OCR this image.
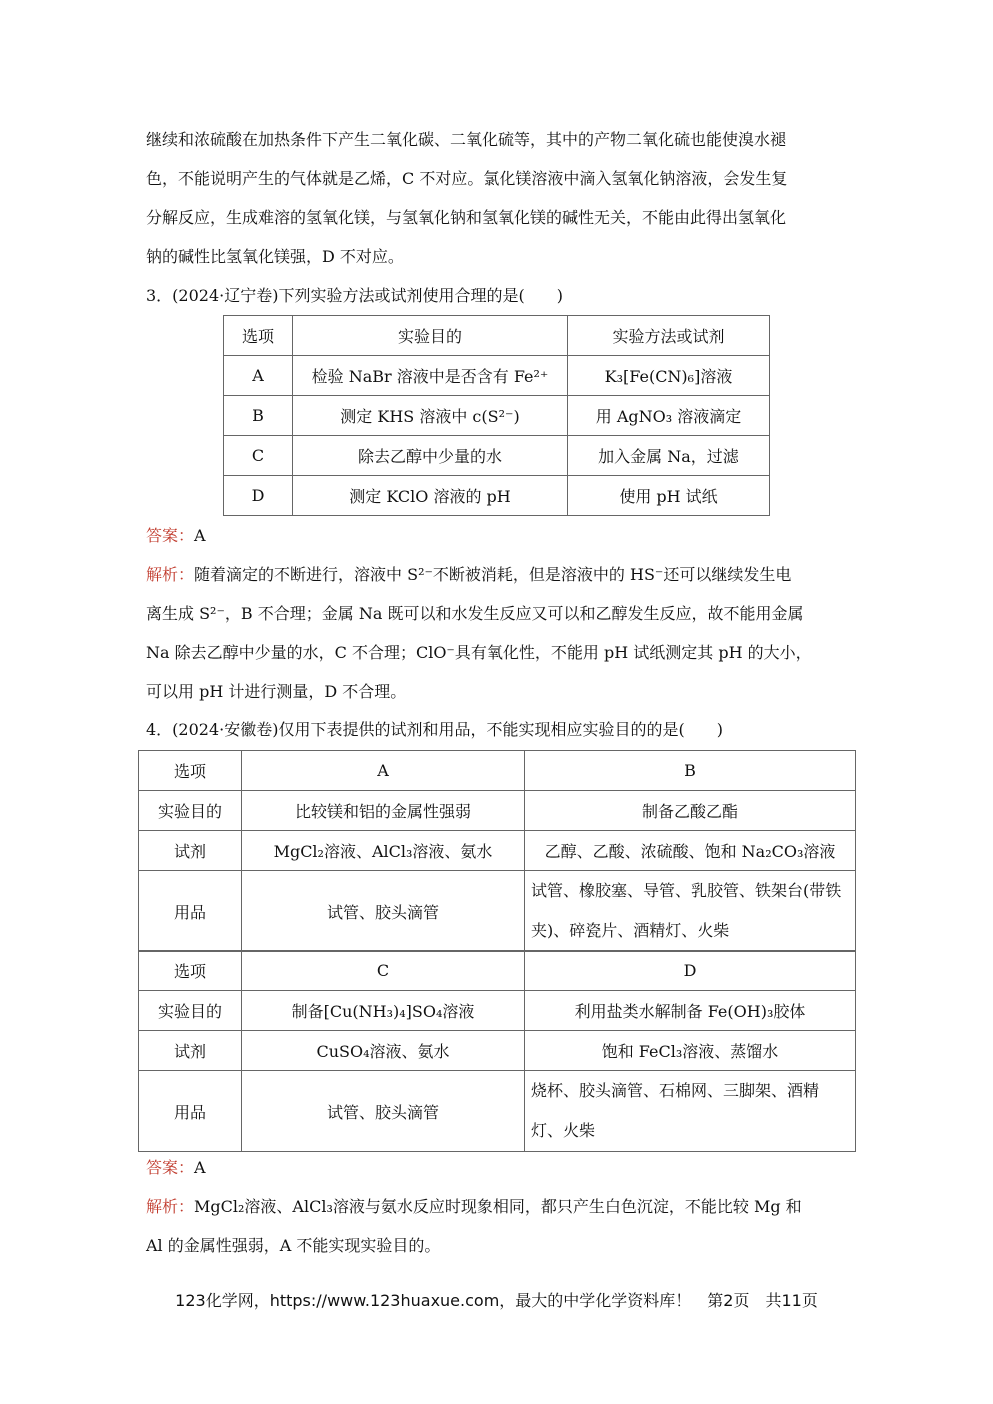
继续和浓硫酸在加热条件下产生二氧化碳、二氧化硫等，其中的产物二氧化硫也能使溴水褪
色，不能说明产生的气体就是乙烯，C 不对应。氯化镁溶液中滴入氢氧化钠溶液，会发生复
分解反应，生成难溶的氢氧化镁，与氢氧化钠和氢氧化镁的碱性无关，不能由此得出氢氧化
钠的碱性比氢氧化镁强，D 不对应。
3．(2024·辽宁卷)下列实验方法或试剂使用合理的是(　　)
选项	实验目的	实验方法或试剂
A	检验 NaBr 溶液中是否含有 Fe²⁺	K₃[Fe(CN)₆]溶液
B	测定 KHS 溶液中 c(S²⁻)	用 AgNO₃ 溶液滴定
C	除去乙醇中少量的水	加入金属 Na，过滤
D	测定 KClO 溶液的 pH	使用 pH 试纸
答案：A
解析：随着滴定的不断进行，溶液中 S²⁻不断被消耗，但是溶液中的 HS⁻还可以继续发生电
离生成 S²⁻，B 不合理；金属 Na 既可以和水发生反应又可以和乙醇发生反应，故不能用金属
Na 除去乙醇中少量的水，C 不合理；ClO⁻具有氧化性，不能用 pH 试纸测定其 pH 的大小，
可以用 pH 计进行测量，D 不合理。
4．(2024·安徽卷)仅用下表提供的试剂和用品，不能实现相应实验目的的是(　　)
选项	A	B
实验目的	比较镁和铝的金属性强弱	制备乙酸乙酯
试剂	MgCl₂溶液、AlCl₃溶液、氨水	乙醇、乙酸、浓硫酸、饱和 Na₂CO₃溶液
用品	试管、胶头滴管	试管、橡胶塞、导管、乳胶管、铁架台(带铁夹)、碎瓷片、酒精灯、火柴
选项	C	D
实验目的	制备[Cu(NH₃)₄]SO₄溶液	利用盐类水解制备 Fe(OH)₃胶体
试剂	CuSO₄溶液、氨水	饱和 FeCl₃溶液、蒸馏水
用品	试管、胶头滴管	烧杯、胶头滴管、石棉网、三脚架、酒精灯、火柴
答案：A
解析：MgCl₂溶液、AlCl₃溶液与氨水反应时现象相同，都只产生白色沉淀，不能比较 Mg 和
Al 的金属性强弱，A 不能实现实验目的。
123化学网，https://www.123huaxue.com，最大的中学化学资料库！　第2页　共11页
